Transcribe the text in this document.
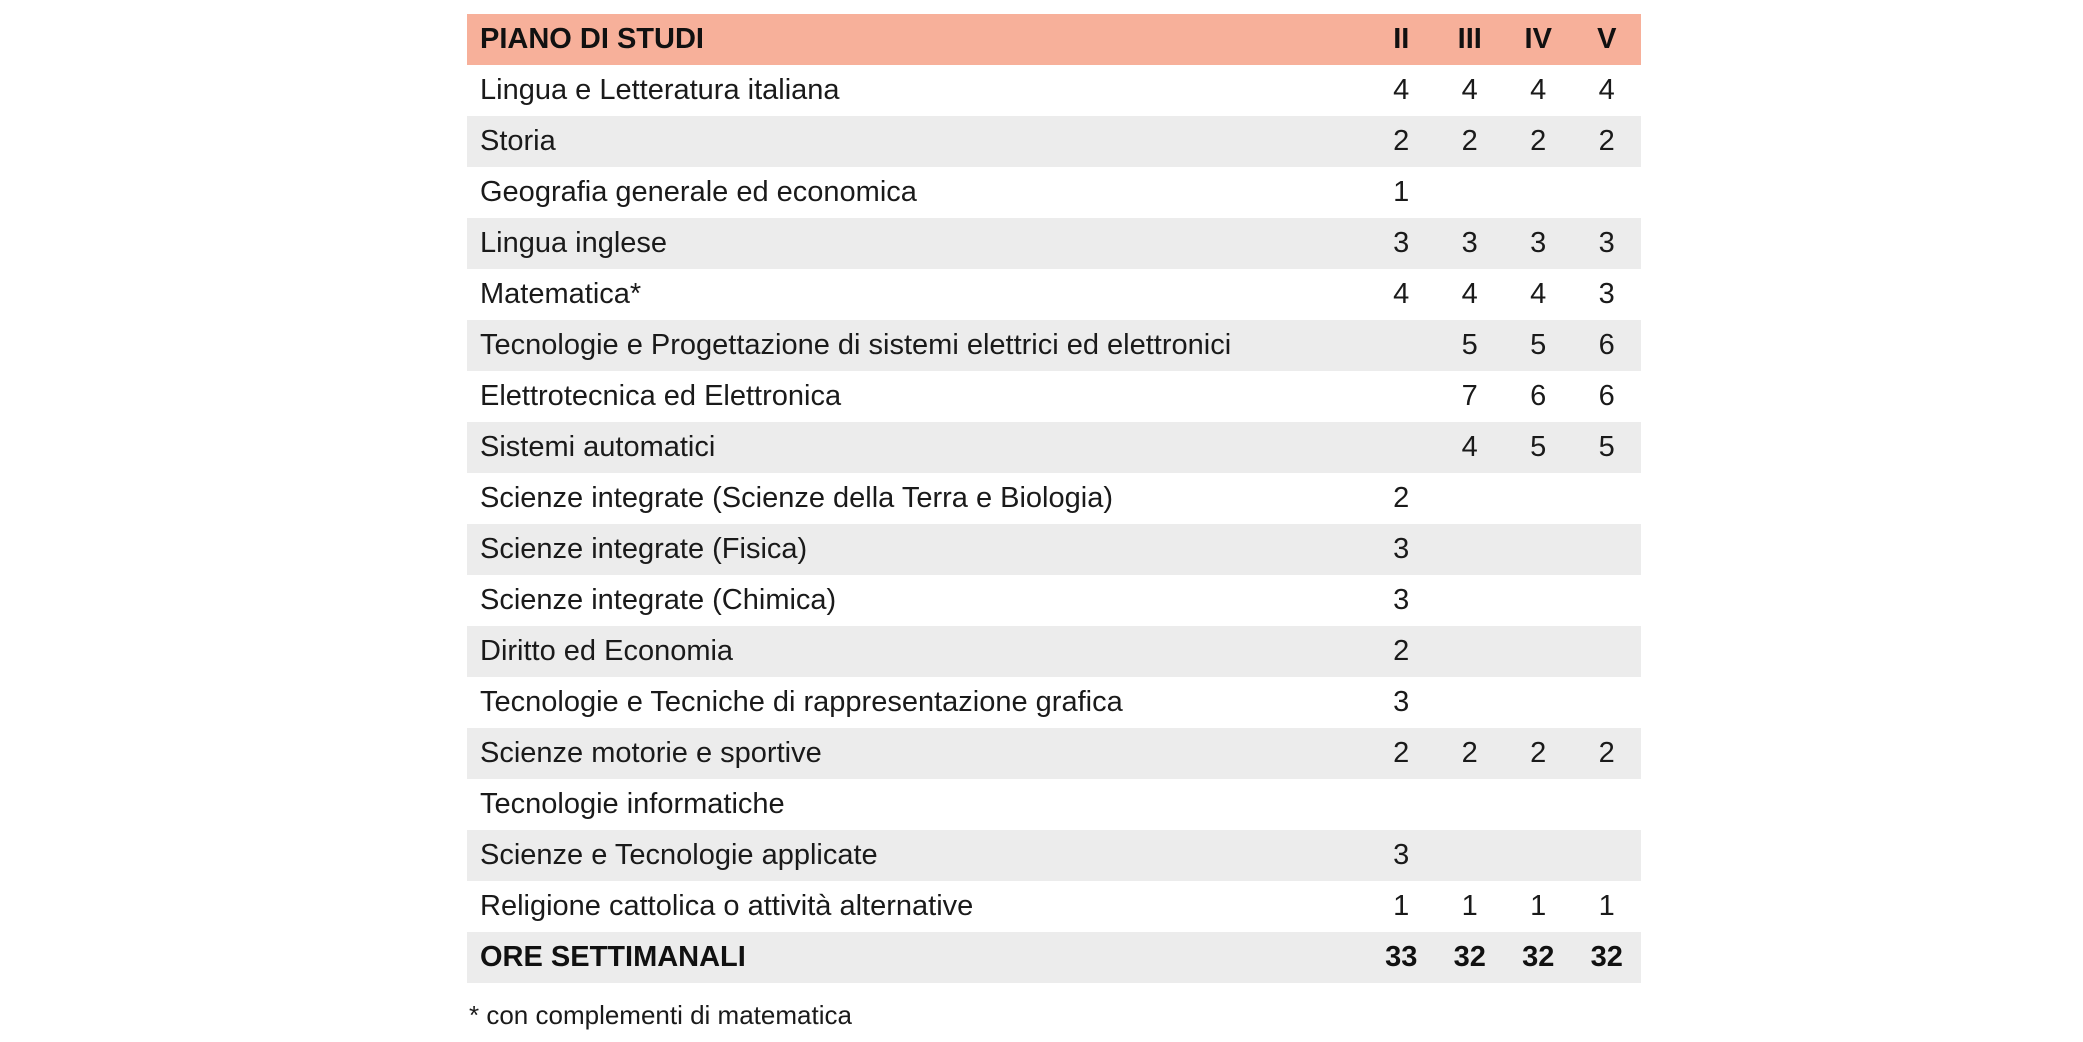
PIANO DI STUDI	II	III	IV	V
Lingua e Letteratura italiana	4	4	4	4
Storia	2	2	2	2
Geografia generale ed economica	1			
Lingua inglese	3	3	3	3
Matematica*	4	4	4	3
Tecnologie e Progettazione di sistemi elettrici ed elettronici		5	5	6
Elettrotecnica ed Elettronica		7	6	6
Sistemi automatici		4	5	5
Scienze integrate (Scienze della Terra e Biologia)	2			
Scienze integrate (Fisica)	3			
Scienze integrate (Chimica)	3			
Diritto ed Economia	2			
Tecnologie e Tecniche di rappresentazione grafica	3			
Scienze motorie e sportive	2	2	2	2
Tecnologie informatiche				
Scienze e Tecnologie applicate	3			
Religione cattolica o attività alternative	1	1	1	1
ORE SETTIMANALI	33	32	32	32
* con complementi di matematica
